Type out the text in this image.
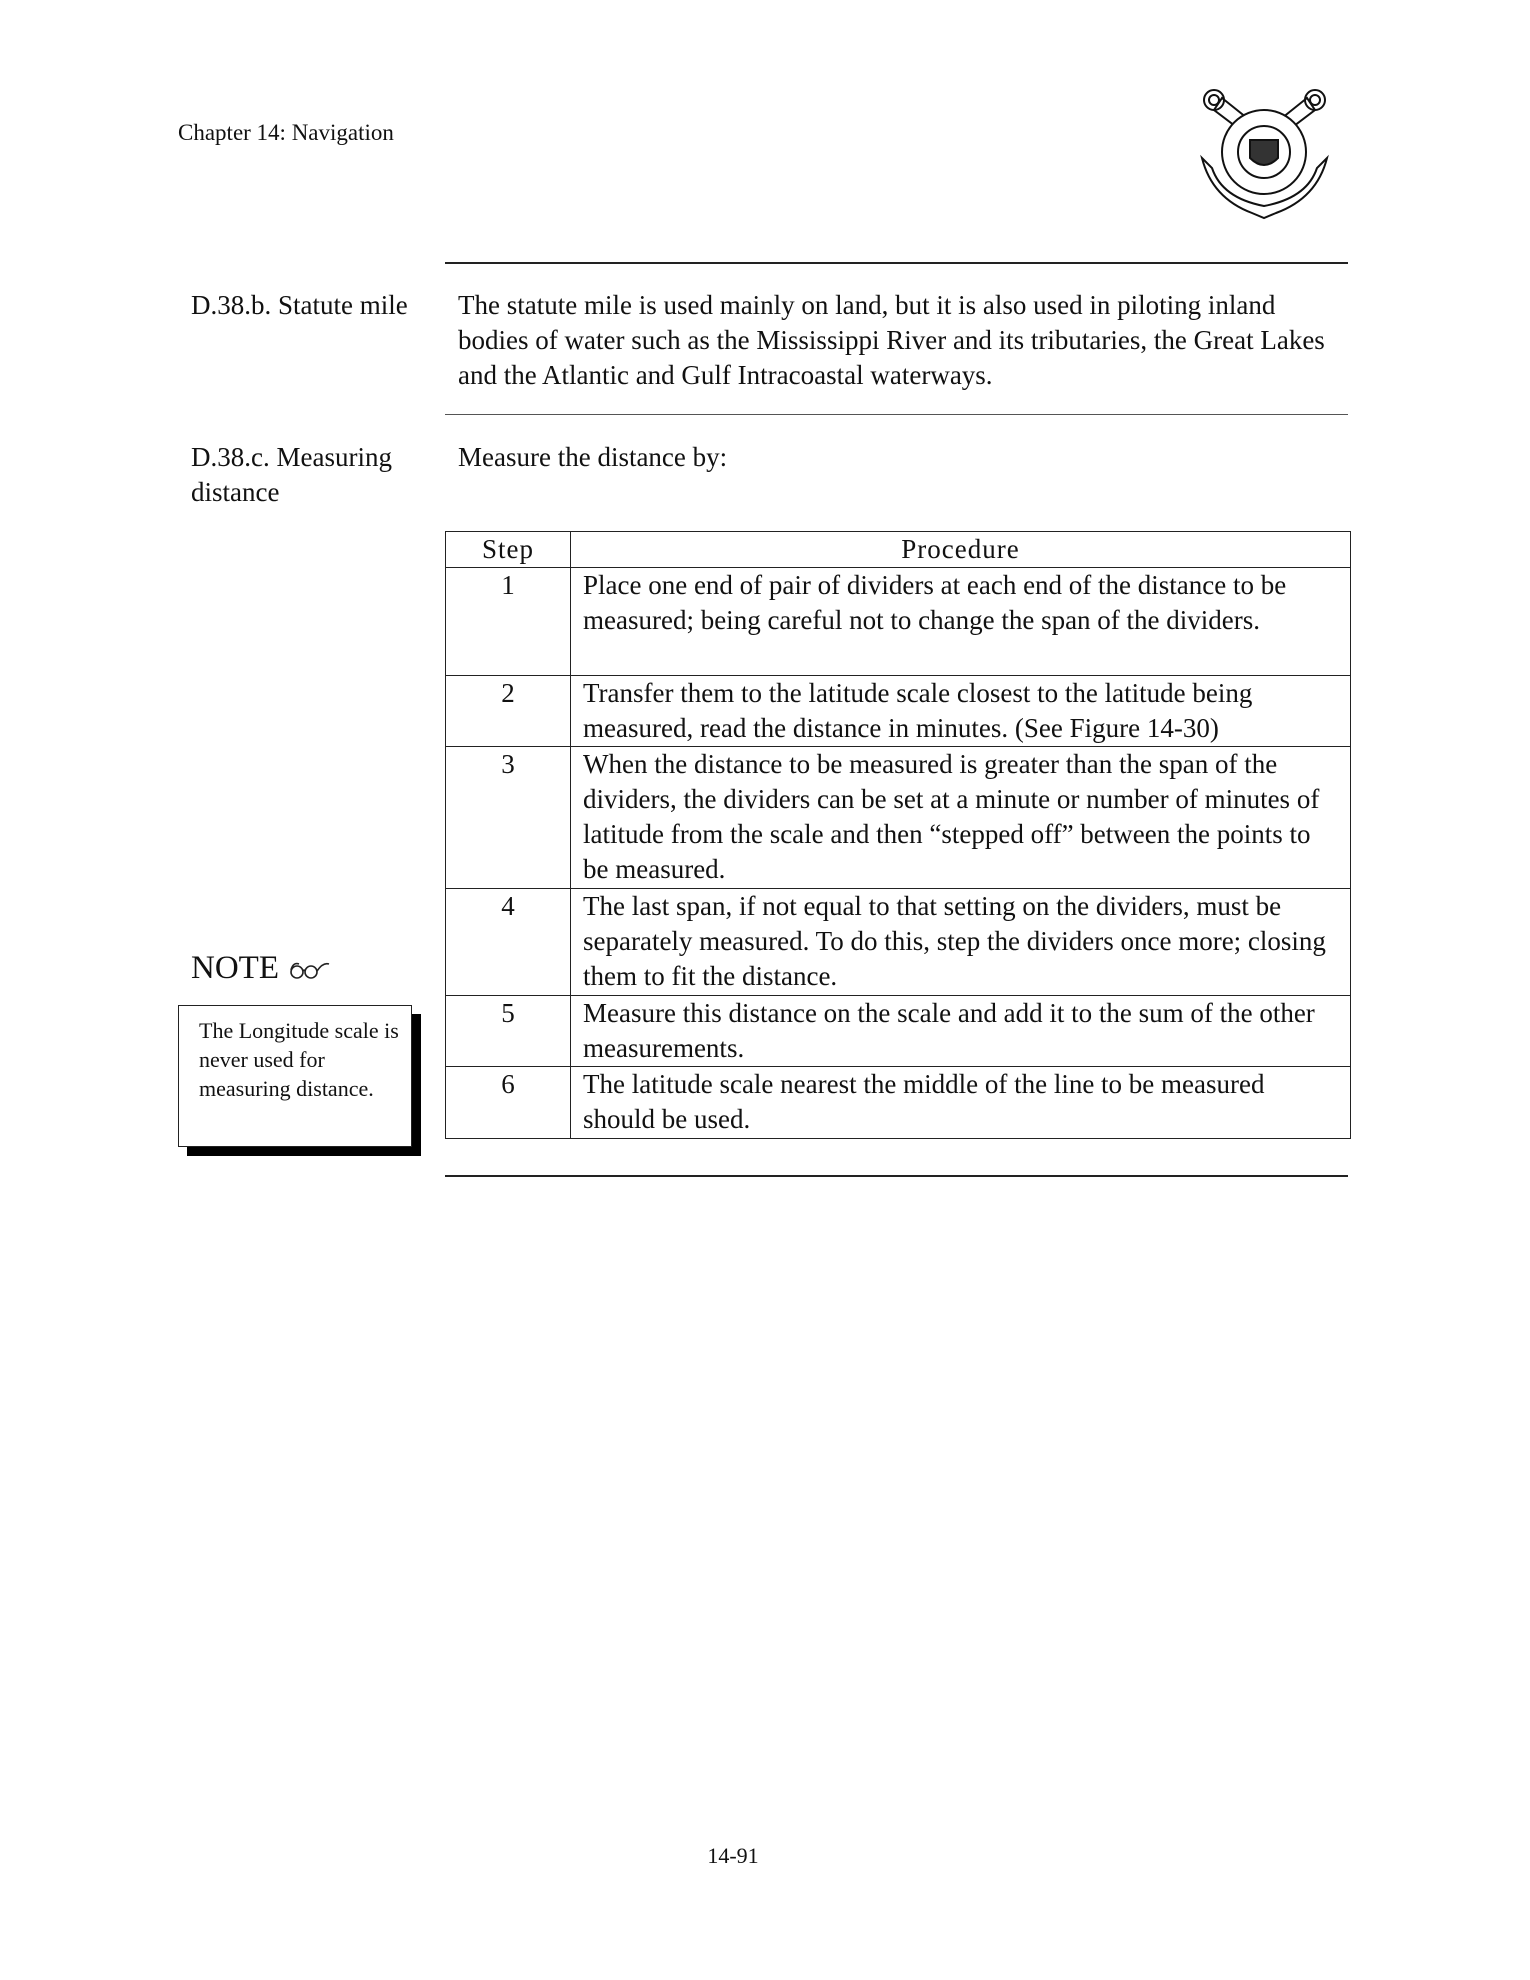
Chapter 14: Navigation
D.38.b. Statute mile	The statute mile is used mainly on land, but it is also used in piloting inland bodies of water such as the Mississippi River and its tributaries, the Great Lakes and the Atlantic and Gulf Intracoastal waterways.
D.38.c. Measuring distance
Measure the distance by:
Step	Procedure
1	Place one end of pair of dividers at each end of the distance to be measured; being careful not to change the span of the dividers.
2	Transfer them to the latitude scale closest to the latitude being measured, read the distance in minutes. (See Figure 14-30)
3	When the distance to be measured is greater than the span of the dividers, the dividers can be set at a minute or number of minutes of latitude from the scale and then “stepped off” between the points to be measured.
4	The last span, if not equal to that setting on the dividers, must be separately measured. To do this, step the dividers once more; closing them to fit the distance.
5	Measure this distance on the scale and add it to the sum of the other measurements.
6	The latitude scale nearest the middle of the line to be measured should be used.
NOTE
The Longitude scale is never used for measuring distance.
14-91
